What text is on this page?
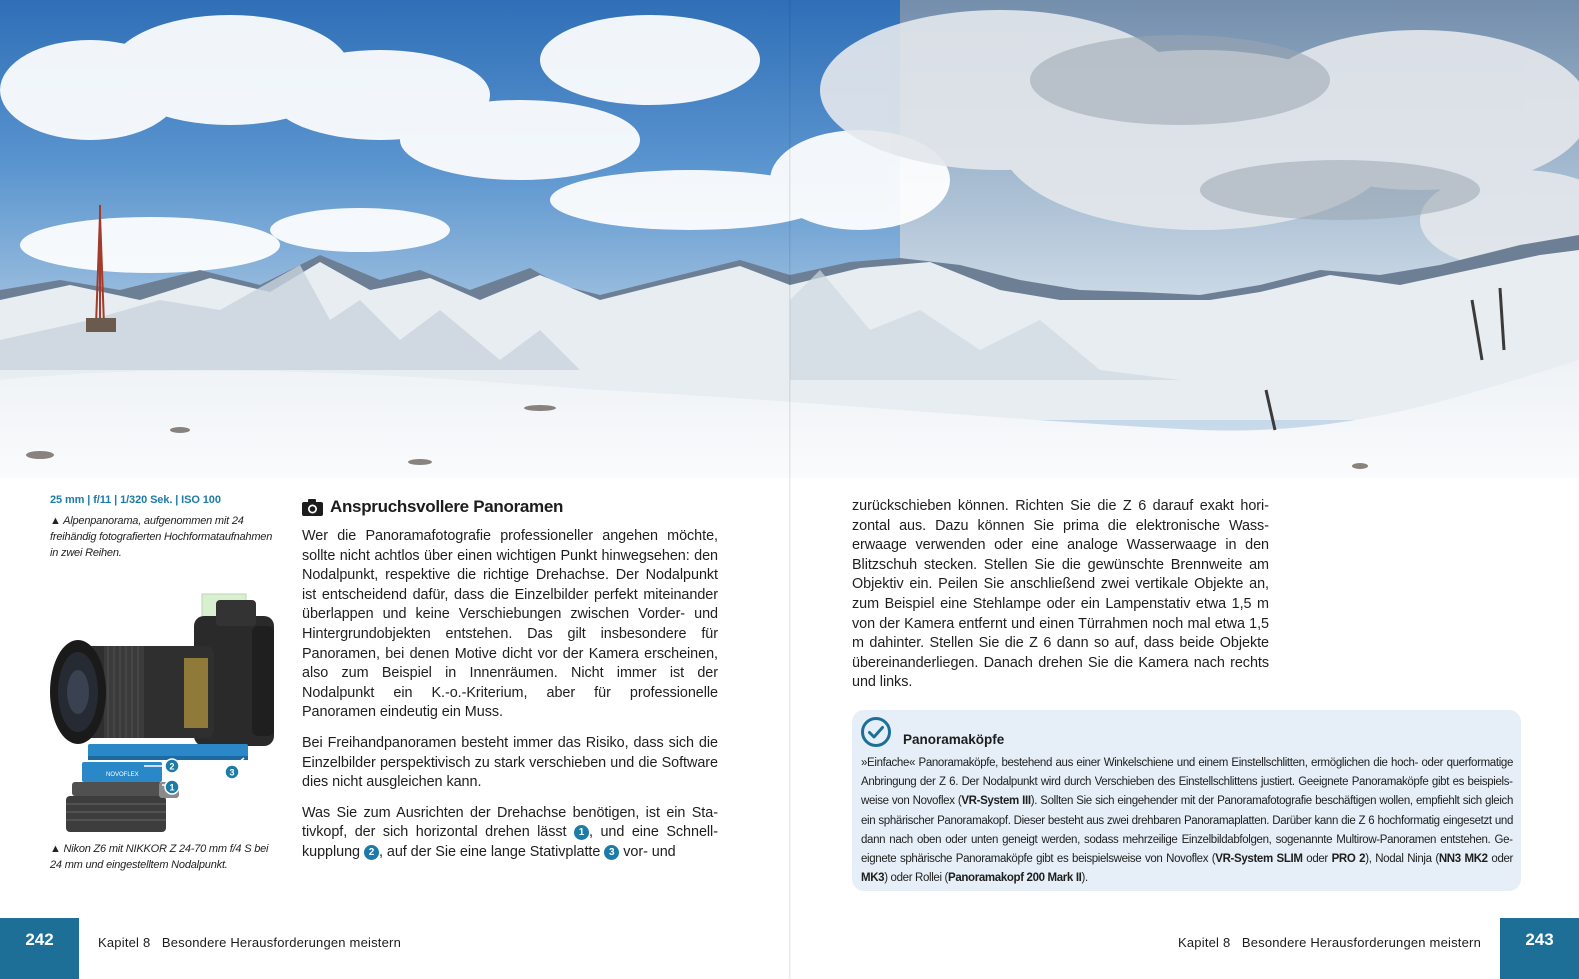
25 mm | f/11 | 1/320 Sek. | ISO 100
▲ Alpenpanorama, aufgenommen mit 24 freihändig fotografierten Hochformataufnahmen in zwei Reihen.
1
2
3
NOVOFLEX
▲ Nikon Z6 mit NIKKOR Z 24-70 mm f/4 S bei 24 mm und eingestelltem Nodalpunkt.
Anspruchsvollere Panoramen

Wer die Panoramafotografie professioneller angehen möchte, sollte nicht achtlos über einen wichtigen Punkt hinwegsehen: den Nodalpunkt, respektive die richtige Drehachse. Der Nodalpunkt ist entscheidend dafür, dass die Einzelbilder perfekt miteinander überlappen und keine Verschiebungen zwischen Vorder- und Hintergrundobjekten entstehen. Das gilt insbesondere für Panoramen, bei denen Motive dicht vor der Kamera erscheinen, also zum Beispiel in Innenräumen. Nicht immer ist der Nodalpunkt ein K.-o.-Kriterium, aber für professionelle Panoramen eindeutig ein Muss.

Bei Freihandpanoramen besteht immer das Risiko, dass sich die Einzelbilder perspektivisch zu stark verschieben und die Software dies nicht ausgleichen kann.

Was Sie zum Ausrichten der Drehachse benötigen, ist ein Stativkopf, der sich horizontal drehen lässt 1 , und eine Schnellkupplung 2 , auf der Sie eine lange Stativplatte 3 vor- und

zurückschieben können. Richten Sie die Z 6 darauf exakt horizontal aus. Dazu können Sie prima die elektronische Wasserwaage verwenden oder eine analoge Wasserwaage in den Blitzschuh stecken. Stellen Sie die gewünschte Brennweite am Objektiv ein. Peilen Sie anschließend zwei vertikale Objekte an, zum Beispiel eine Stehlampe oder ein Lampenstativ etwa 1,5 m von der Kamera entfernt und einen Türrahmen noch mal etwa 1,5 m dahinter. Stellen Sie die Z 6 dann so auf, dass beide Objekte übereinanderliegen. Danach drehen Sie die Kamera nach rechts und links.

Panoramaköpfe
»Einfache« Panoramaköpfe, bestehend aus einer Winkelschiene und einem Einstellschlitten, ermöglichen die hoch- oder querformatige Anbringung der Z 6. Der Nodalpunkt wird durch Verschieben des Einstellschlittens justiert. Geeignete Panoramaköpfe gibt es beispielsweise von Novoflex (VR-System III). Sollten Sie sich eingehender mit der Panoramafotografie beschäftigen wollen, empfiehlt sich gleich ein sphärischer Panoramakopf. Dieser besteht aus zwei drehbaren Panoramaplatten. Darüber kann die Z 6 hochformatig eingesetzt und dann nach oben oder unten geneigt werden, sodass mehrzeilige Einzelbildabfolgen, sogenannte Multirow-Panoramen entstehen. Geeignete sphärische Panoramaköpfe gibt es beispielsweise von Novoflex (VR-System SLIM oder PRO 2), Nodal Ninja (NN3 MK2 oder MK3) oder Rollei (Panoramakopf 200 Mark II).
242	Kapitel 8   Besondere Herausforderungen meistern	Kapitel 8   Besondere Herausforderungen meistern	243
